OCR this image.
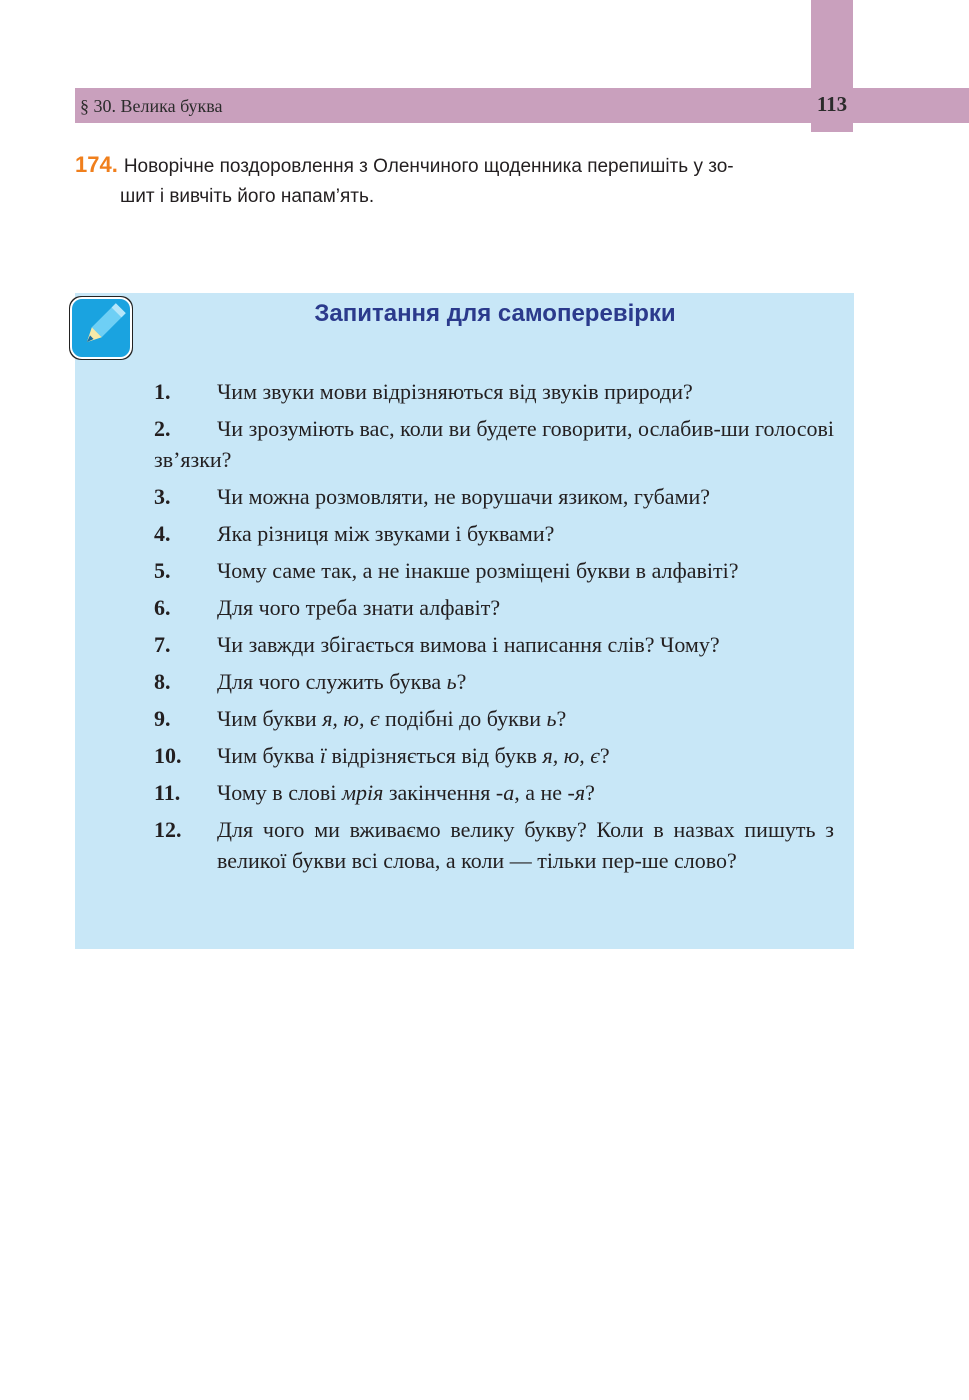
§ 30. Велика буква	113
174. Новорічне поздоровлення з Оленчиного щоденника перепишіть у зо-
шит і вивчіть його напам’ять.
Запитання для самоперевірки
1.	Чим звуки мови відрізняються від звуків природи?
2. Чи зрозуміють вас, коли ви будете говорити, ослабив-ши голосові зв’язки?
3.	Чи можна розмовляти, не ворушачи язиком, губами?
4.	Яка різниця між звуками і буквами?
5.	Чому саме так, а не інакше розміщені букви в алфавіті?
6.	Для чого треба знати алфавіт?
7.	Чи завжди збігається вимова і написання слів? Чому?
8.	Для чого служить буква ь?
9.	Чим букви я, ю, є подібні до букви ь?
10.	Чим буква ї відрізняється від букв я, ю, є?
11.	Чому в слові мрія закінчення -а, а не -я?
12.	Для чого ми вживаємо велику букву? Коли в назвах пишуть з великої букви всі слова, а коли — тільки пер-ше слово?
